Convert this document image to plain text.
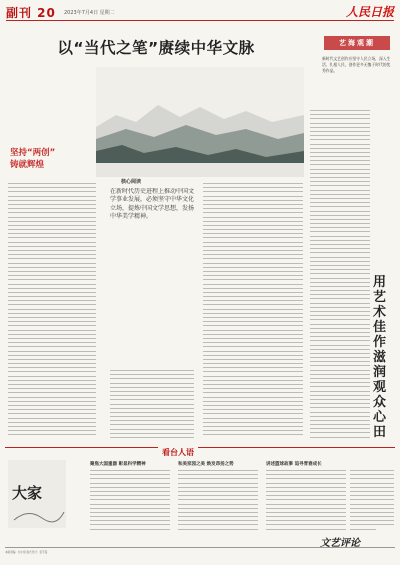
副刊 20 2023年7月4日 星期二	人民日报
以“当代之笔”赓续中华文脉
坚持“两创”
铸就辉煌
核心阅读
在新时代历史进程上推动中国文学事业发展，必须坚守中华文化立场，提炼中国文学思想，发扬中华美学精神。
艺海观潮
新时代文艺创作应坚守人民立场，深入生活、扎根人民，创作更多无愧于时代的优秀作品。
用艺术佳作滋润观众心田
看台人语
大家
聚焦大国重器 彰显科学精神	和美家园之美 焕发昂扬之势	讲述篮球故事 追寻青春成长
文艺评论
本版责编：付小悦 版式设计：张芳曼
